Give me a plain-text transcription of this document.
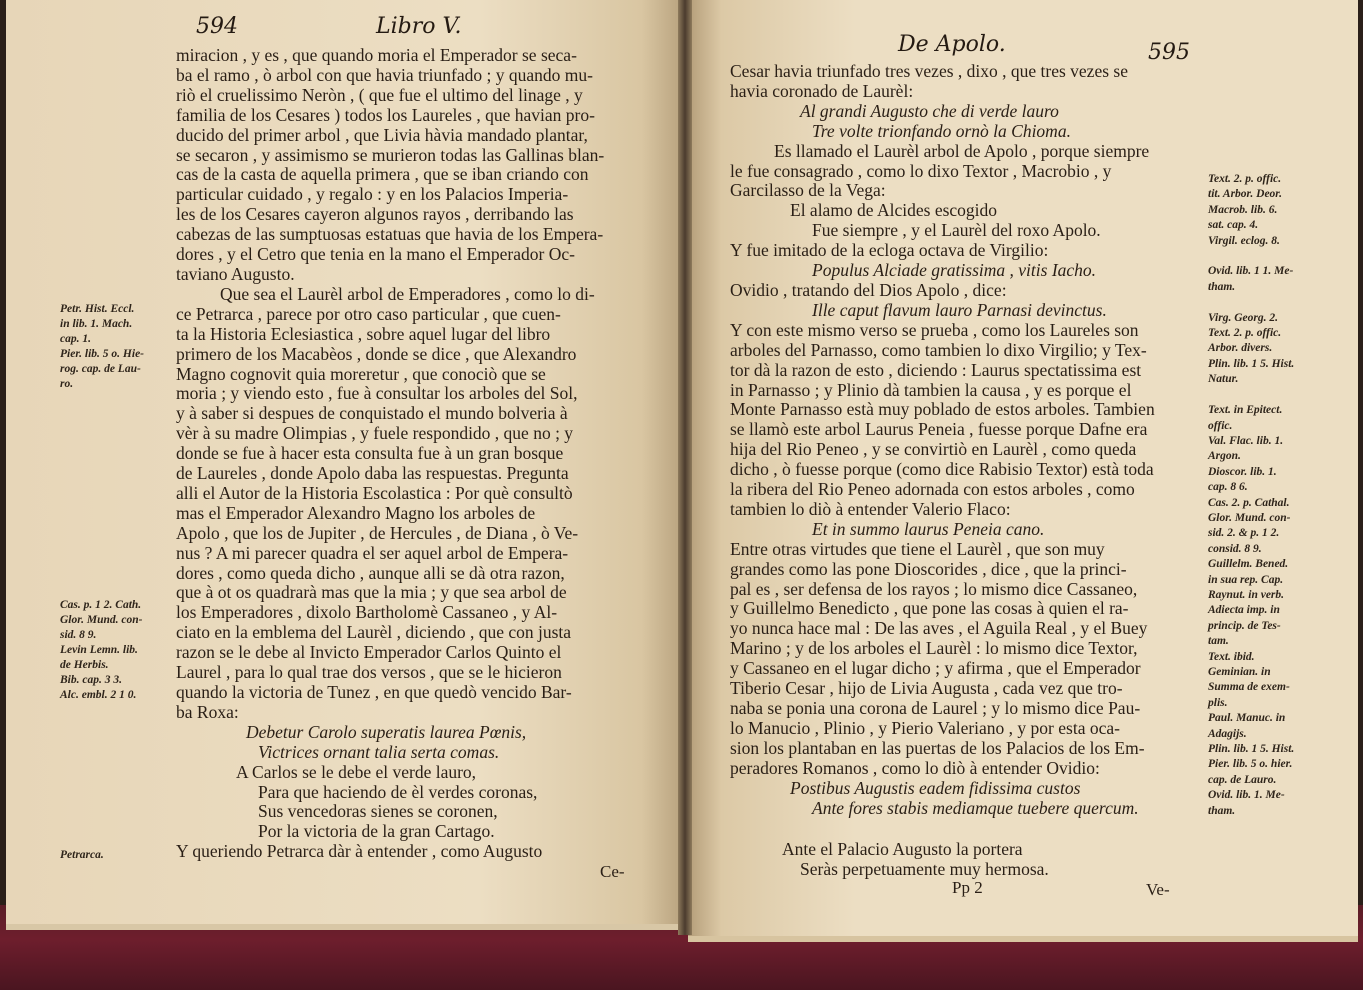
594	Libro V.
miracion , y es , que quando moria el Emperador se seca-
ba el ramo , ò arbol con que havia triunfado ; y quando mu-
riò el cruelissimo Neròn , ( que fue el ultimo del linage , y
familia de los Cesares ) todos los Laureles , que havian pro-
ducido del primer arbol , que Livia hàvia mandado plantar,
se secaron , y assimismo se murieron todas las Gallinas blan-
cas de la casta de aquella primera , que se iban criando con
particular cuidado , y regalo : y en los Palacios Imperia-
les de los Cesares cayeron algunos rayos , derribando las
cabezas de las sumptuosas estatuas que havia de los Empera-
dores , y el Cetro que tenia en la mano el Emperador Oc-
taviano Augusto.
Que sea el Laurèl arbol de Emperadores , como lo di-
ce Petrarca , parece por otro caso particular , que cuen-
ta la Historia Eclesiastica , sobre aquel lugar del libro
primero de los Macabèos , donde se dice , que Alexandro
Magno cognovit quia moreretur , que conociò que se
moria ; y viendo esto , fue à consultar los arboles del Sol,
y à saber si despues de conquistado el mundo bolveria à
vèr à su madre Olimpias , y fuele respondido , que no ; y
donde se fue à hacer esta consulta fue à un gran bosque
de Laureles , donde Apolo daba las respuestas. Pregunta
alli el Autor de la Historia Escolastica : Por què consultò
mas el Emperador Alexandro Magno los arboles de
Apolo , que los de Jupiter , de Hercules , de Diana , ò Ve-
nus ? A mi parecer quadra el ser aquel arbol de Empera-
dores , como queda dicho , aunque alli se dà otra razon,
que à ot os quadrarà mas que la mia ; y que sea arbol de
los Emperadores , dixolo Bartholomè Cassaneo , y Al-
ciato en la emblema del Laurèl , diciendo , que con justa
razon se le debe al Invicto Emperador Carlos Quinto el
Laurel , para lo qual trae dos versos , que se le hicieron
quando la victoria de Tunez , en que quedò vencido Bar-
ba Roxa:
Debetur Carolo superatis laurea Pœnis,
Victrices ornant talia serta comas.
A Carlos se le debe el verde lauro,
Para que haciendo de èl verdes coronas,
Sus vencedoras sienes se coronen,
Por la victoria de la gran Cartago.
Y queriendo Petrarca dàr à entender , como Augusto
Ce-
Petr. Hist. Eccl.
in lib. 1. Mach.
cap. 1.
Pier. lib. 5 o. Hie-
rog. cap. de Lau-
ro.
Cas. p. 1 2. Cath.
Glor. Mund. con-
sid. 8 9.
Levin Lemn. lib.
de Herbis.
Bib. cap. 3 3.
Alc. embl. 2 1 0.
Petrarca.
De Apolo.	595
Cesar havia triunfado tres vezes , dixo , que tres vezes se
havia coronado de Laurèl:
Al grandi Augusto che di verde lauro
Tre volte trionfando ornò la Chioma.
Es llamado el Laurèl arbol de Apolo , porque siempre
le fue consagrado , como lo dixo Textor , Macrobio , y
Garcilasso de la Vega:
El alamo de Alcides escogido
Fue siempre , y el Laurèl del roxo Apolo.
Y fue imitado de la ecloga octava de Virgilio:
Populus Alciade gratissima , vitis Iacho.
Ovidio , tratando del Dios Apolo , dice:
Ille caput flavum lauro Parnasi devinctus.
Y con este mismo verso se prueba , como los Laureles son
arboles del Parnasso, como tambien lo dixo Virgilio; y Tex-
tor dà la razon de esto , diciendo : Laurus spectatissima est
in Parnasso ; y Plinio dà tambien la causa , y es porque el
Monte Parnasso està muy poblado de estos arboles. Tambien
se llamò este arbol Laurus Peneia , fuesse porque Dafne era
hija del Rio Peneo , y se convirtiò en Laurèl , como queda
dicho , ò fuesse porque (como dice Rabisio Textor) està toda
la ribera del Rio Peneo adornada con estos arboles , como
tambien lo diò à entender Valerio Flaco:
Et in summo laurus Peneia cano.
Entre otras virtudes que tiene el Laurèl , que son muy
grandes como las pone Dioscorides , dice , que la princi-
pal es , ser defensa de los rayos ; lo mismo dice Cassaneo,
y Guillelmo Benedicto , que pone las cosas à quien el ra-
yo nunca hace mal : De las aves , el Aguila Real , y el Buey
Marino ; y de los arboles el Laurèl : lo mismo dice Textor,
y Cassaneo en el lugar dicho ; y afirma , que el Emperador
Tiberio Cesar , hijo de Livia Augusta , cada vez que tro-
naba se ponia una corona de Laurel ; y lo mismo dice Pau-
lo Manucio , Plinio , y Pierio Valeriano , y por esta oca-
sion los plantaban en las puertas de los Palacios de los Em-
peradores Romanos , como lo diò à entender Ovidio:
Postibus Augustis eadem fidissima custos
Ante fores stabis mediamque tuebere quercum.
Ante el Palacio Augusto la portera
Seràs perpetuamente muy hermosa.
Pp 2	Ve-
Text. 2. p. offic.
tit. Arbor. Deor.
Macrob. lib. 6.
sat. cap. 4.
Virgil. eclog. 8.

Ovid. lib. 1 1. Me-
tham.

Virg. Georg. 2.
Text. 2. p. offic.
Arbor. divers.
Plin. lib. 1 5. Hist.
Natur.

Text. in Epitect.
offic.
Val. Flac. lib. 1.
Argon.
Dioscor. lib. 1.
cap. 8 6.
Cas. 2. p. Cathal.
Glor. Mund. con-
sid. 2. & p. 1 2.
consid. 8 9.
Guillelm. Bened.
in sua rep. Cap.
Raynut. in verb.
Adiecta imp. in
princip. de Tes-
tam.
Text. ibid.
Geminian. in
Summa de exem-
plis.
Paul. Manuc. in
Adagijs.
Plin. lib. 1 5. Hist.
Pier. lib. 5 o. hier.
cap. de Lauro.
Ovid. lib. 1. Me-
tham.
